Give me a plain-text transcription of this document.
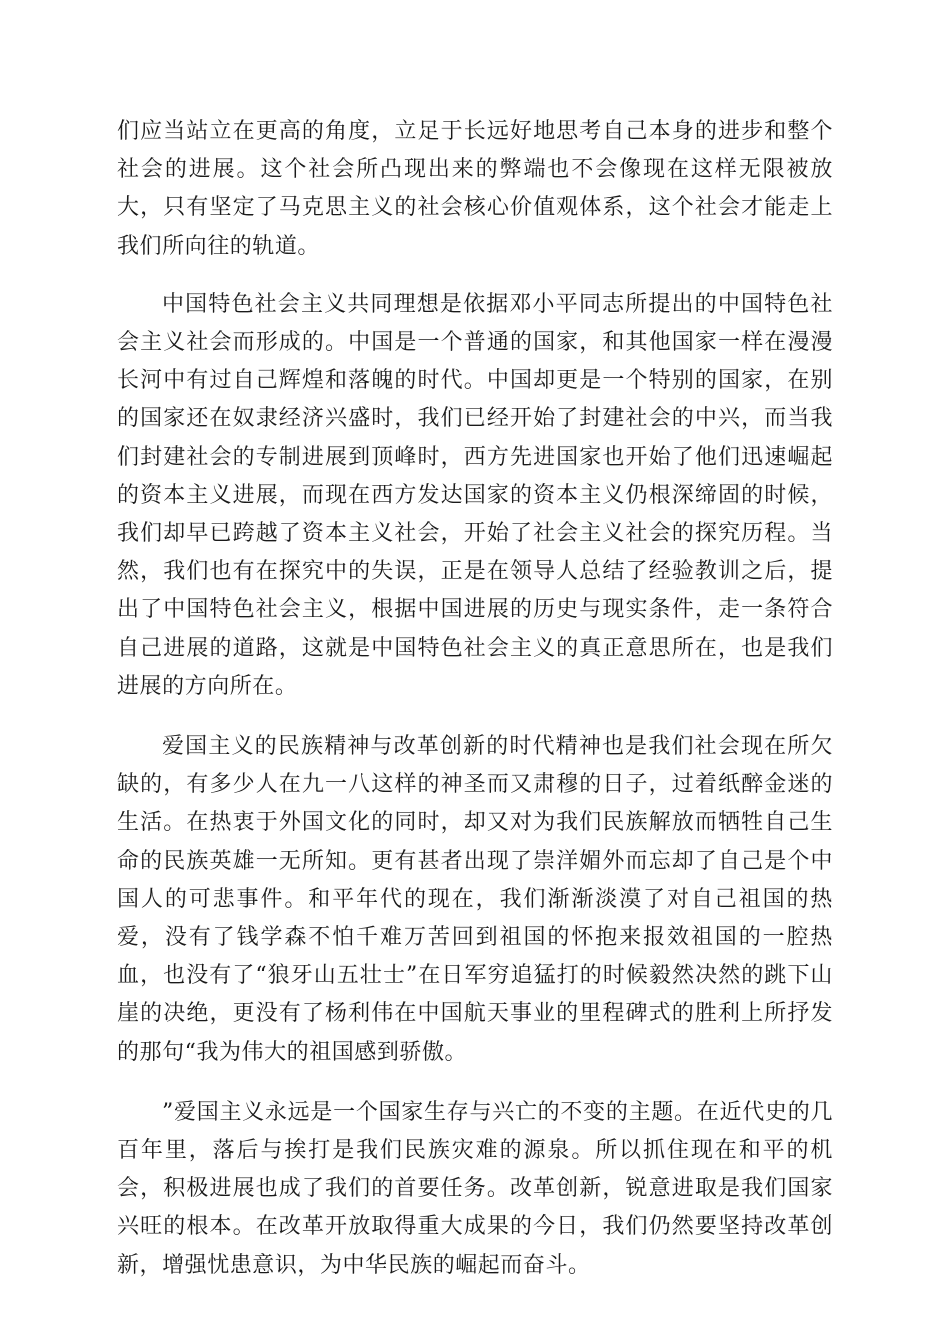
们应当站立在更高的角度，立足于长远好地思考自己本身的进步和整个社会的进展。这个社会所凸现出来的弊端也不会像现在这样无限被放大，只有坚定了马克思主义的社会核心价值观体系，这个社会才能走上我们所向往的轨道。

中国特色社会主义共同理想是依据邓小平同志所提出的中国特色社会主义社会而形成的。中国是一个普通的国家，和其他国家一样在漫漫长河中有过自己辉煌和落魄的时代。中国却更是一个特别的国家，在别的国家还在奴隶经济兴盛时，我们已经开始了封建社会的中兴，而当我们封建社会的专制进展到顶峰时，西方先进国家也开始了他们迅速崛起的资本主义进展，而现在西方发达国家的资本主义仍根深缔固的时候，我们却早已跨越了资本主义社会，开始了社会主义社会的探究历程。当然，我们也有在探究中的失误，正是在领导人总结了经验教训之后，提出了中国特色社会主义，根据中国进展的历史与现实条件，走一条符合自己进展的道路，这就是中国特色社会主义的真正意思所在，也是我们进展的方向所在。

爱国主义的民族精神与改革创新的时代精神也是我们社会现在所欠缺的，有多少人在九一八这样的神圣而又肃穆的日子，过着纸醉金迷的生活。在热衷于外国文化的同时，却又对为我们民族解放而牺牲自己生命的民族英雄一无所知。更有甚者出现了崇洋媚外而忘却了自己是个中国人的可悲事件。和平年代的现在，我们渐渐淡漠了对自己祖国的热爱，没有了钱学森不怕千难万苦回到祖国的怀抱来报效祖国的一腔热血，也没有了“狼牙山五壮士”在日军穷追猛打的时候毅然决然的跳下山崖的决绝，更没有了杨利伟在中国航天事业的里程碑式的胜利上所抒发的那句“我为伟大的祖国感到骄傲。

”爱国主义永远是一个国家生存与兴亡的不变的主题。在近代史的几百年里，落后与挨打是我们民族灾难的源泉。所以抓住现在和平的机会，积极进展也成了我们的首要任务。改革创新，锐意进取是我们国家兴旺的根本。在改革开放取得重大成果的今日，我们仍然要坚持改革创新，增强忧患意识，为中华民族的崛起而奋斗。
